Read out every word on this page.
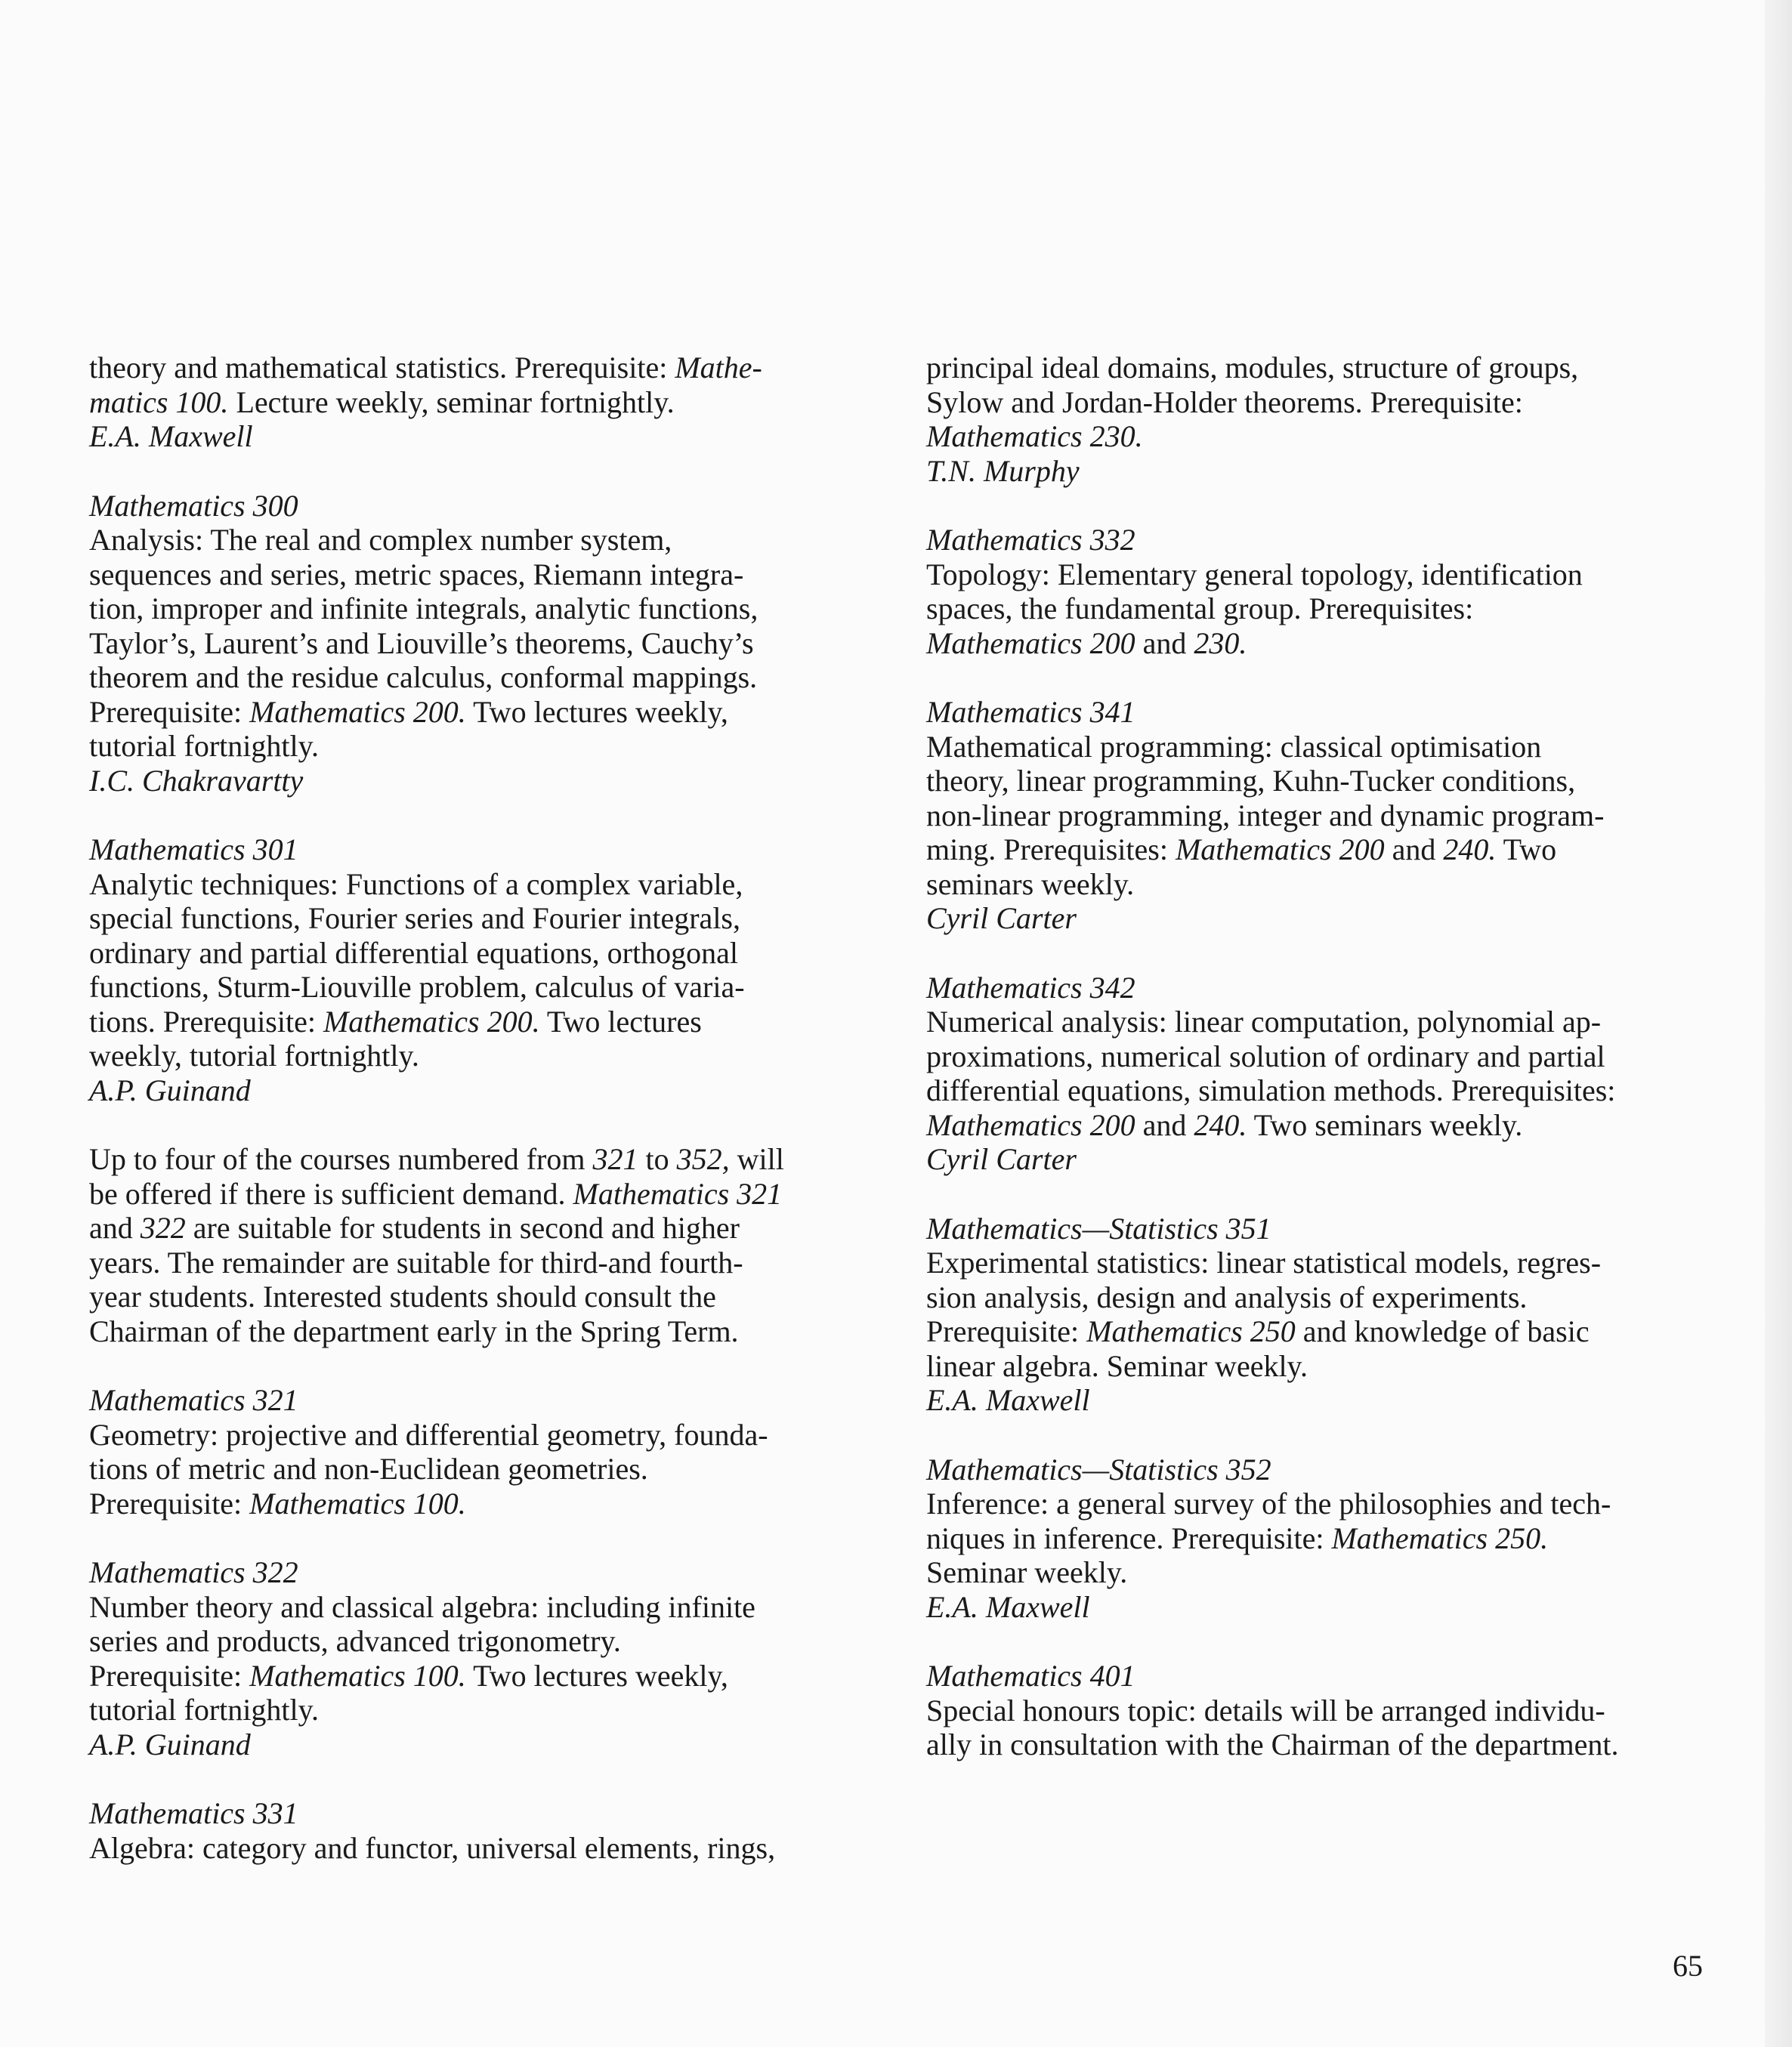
theory and mathematical statistics. Prerequisite: Mathe-
matics 100. Lecture weekly, seminar fortnightly.
E.A. Maxwell
Mathematics 300
Analysis: The real and complex number system,
sequences and series, metric spaces, Riemann integra-
tion, improper and infinite integrals, analytic functions,
Taylor’s, Laurent’s and Liouville’s theorems, Cauchy’s
theorem and the residue calculus, conformal mappings.
Prerequisite: Mathematics 200. Two lectures weekly,
tutorial fortnightly.
I.C. Chakravartty
Mathematics 301
Analytic techniques: Functions of a complex variable,
special functions, Fourier series and Fourier integrals,
ordinary and partial differential equations, orthogonal
functions, Sturm-Liouville problem, calculus of varia-
tions. Prerequisite: Mathematics 200. Two lectures
weekly, tutorial fortnightly.
A.P. Guinand
Up to four of the courses numbered from 321 to 352, will
be offered if there is sufficient demand. Mathematics 321
and 322 are suitable for students in second and higher
years. The remainder are suitable for third-and fourth-
year students. Interested students should consult the
Chairman of the department early in the Spring Term.
Mathematics 321
Geometry: projective and differential geometry, founda-
tions of metric and non-Euclidean geometries.
Prerequisite: Mathematics 100.
Mathematics 322
Number theory and classical algebra: including infinite
series and products, advanced trigonometry.
Prerequisite: Mathematics 100. Two lectures weekly,
tutorial fortnightly.
A.P. Guinand
Mathematics 331
Algebra: category and functor, universal elements, rings,
principal ideal domains, modules, structure of groups,
Sylow and Jordan-Holder theorems. Prerequisite:
Mathematics 230.
T.N. Murphy
Mathematics 332
Topology: Elementary general topology, identification
spaces, the fundamental group. Prerequisites:
Mathematics 200 and 230.
Mathematics 341
Mathematical programming: classical optimisation
theory, linear programming, Kuhn-Tucker conditions,
non-linear programming, integer and dynamic program-
ming. Prerequisites: Mathematics 200 and 240. Two
seminars weekly.
Cyril Carter
Mathematics 342
Numerical analysis: linear computation, polynomial ap-
proximations, numerical solution of ordinary and partial
differential equations, simulation methods. Prerequisites:
Mathematics 200 and 240. Two seminars weekly.
Cyril Carter
Mathematics—Statistics 351
Experimental statistics: linear statistical models, regres-
sion analysis, design and analysis of experiments.
Prerequisite: Mathematics 250 and knowledge of basic
linear algebra. Seminar weekly.
E.A. Maxwell
Mathematics—Statistics 352
Inference: a general survey of the philosophies and tech-
niques in inference. Prerequisite: Mathematics 250.
Seminar weekly.
E.A. Maxwell
Mathematics 401
Special honours topic: details will be arranged individu-
ally in consultation with the Chairman of the department.
65
